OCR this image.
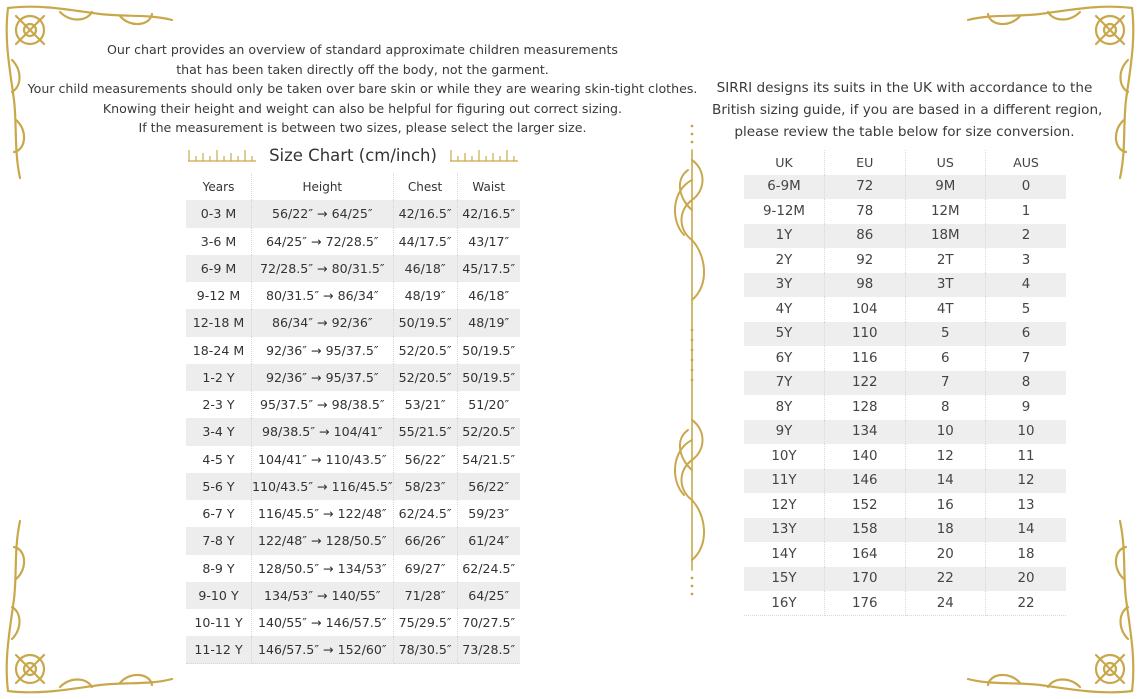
Our chart provides an overview of standard approximate children measurements
that has been taken directly off the body, not the garment.
Your child measurements should only be taken over bare skin or while they are wearing skin-tight clothes.
Knowing their height and weight can also be helpful for figuring out correct sizing.
If the measurement is between two sizes, please select the larger size.
Size Chart (cm/inch)
Years	Height	Chest	Waist
0-3 M	56/22″ → 64/25″	42/16.5″	42/16.5″
3-6 M	64/25″ → 72/28.5″	44/17.5″	43/17″
6-9 M	72/28.5″ → 80/31.5″	46/18″	45/17.5″
9-12 M	80/31.5″ → 86/34″	48/19″	46/18″
12-18 M	86/34″ → 92/36″	50/19.5″	48/19″
18-24 M	92/36″ → 95/37.5″	52/20.5″	50/19.5″
1-2 Y	92/36″ → 95/37.5″	52/20.5″	50/19.5″
2-3 Y	95/37.5″ → 98/38.5″	53/21″	51/20″
3-4 Y	98/38.5″ → 104/41″	55/21.5″	52/20.5″
4-5 Y	104/41″ → 110/43.5″	56/22″	54/21.5″
5-6 Y	110/43.5″ → 116/45.5″	58/23″	56/22″
6-7 Y	116/45.5″ → 122/48″	62/24.5″	59/23″
7-8 Y	122/48″ → 128/50.5″	66/26″	61/24″
8-9 Y	128/50.5″ → 134/53″	69/27″	62/24.5″
9-10 Y	134/53″ → 140/55″	71/28″	64/25″
10-11 Y	140/55″ → 146/57.5″	75/29.5″	70/27.5″
11-12 Y	146/57.5″ → 152/60″	78/30.5″	73/28.5″
SIRRI designs its suits in the UK with accordance to the
British sizing guide, if you are based in a different region,
please review the table below for size conversion.
UK	EU	US	AUS
6-9M	72	9M	0
9-12M	78	12M	1
1Y	86	18M	2
2Y	92	2T	3
3Y	98	3T	4
4Y	104	4T	5
5Y	110	5	6
6Y	116	6	7
7Y	122	7	8
8Y	128	8	9
9Y	134	10	10
10Y	140	12	11
11Y	146	14	12
12Y	152	16	13
13Y	158	18	14
14Y	164	20	18
15Y	170	22	20
16Y	176	24	22
